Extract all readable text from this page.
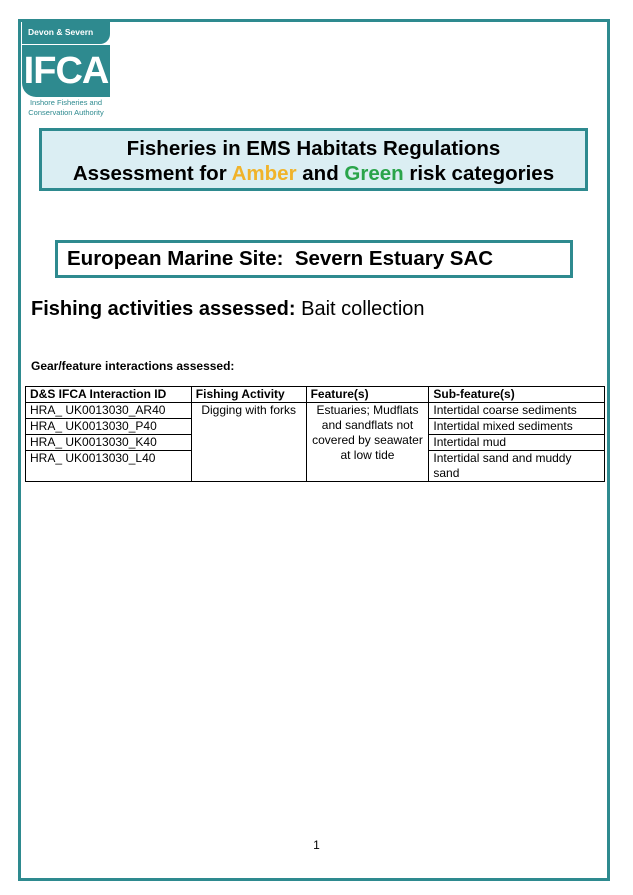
Devon & Severn
IFCA
Inshore Fisheries and Conservation Authority
Fisheries in EMS Habitats Regulations
Assessment for Amber and Green risk categories
European Marine Site:  Severn Estuary SAC
Fishing activities assessed: Bait collection
Gear/feature interactions assessed:
D&S IFCA Interaction ID	Fishing Activity	Feature(s)	Sub-feature(s)
HRA_ UK0013030_AR40	Digging with forks	Estuaries; Mudflats and sandflats not covered by seawater at low tide	Intertidal coarse sediments
HRA_ UK0013030_P40			Intertidal mixed sediments
HRA_ UK0013030_K40			Intertidal mud
HRA_ UK0013030_L40			Intertidal sand and muddy sand
1
